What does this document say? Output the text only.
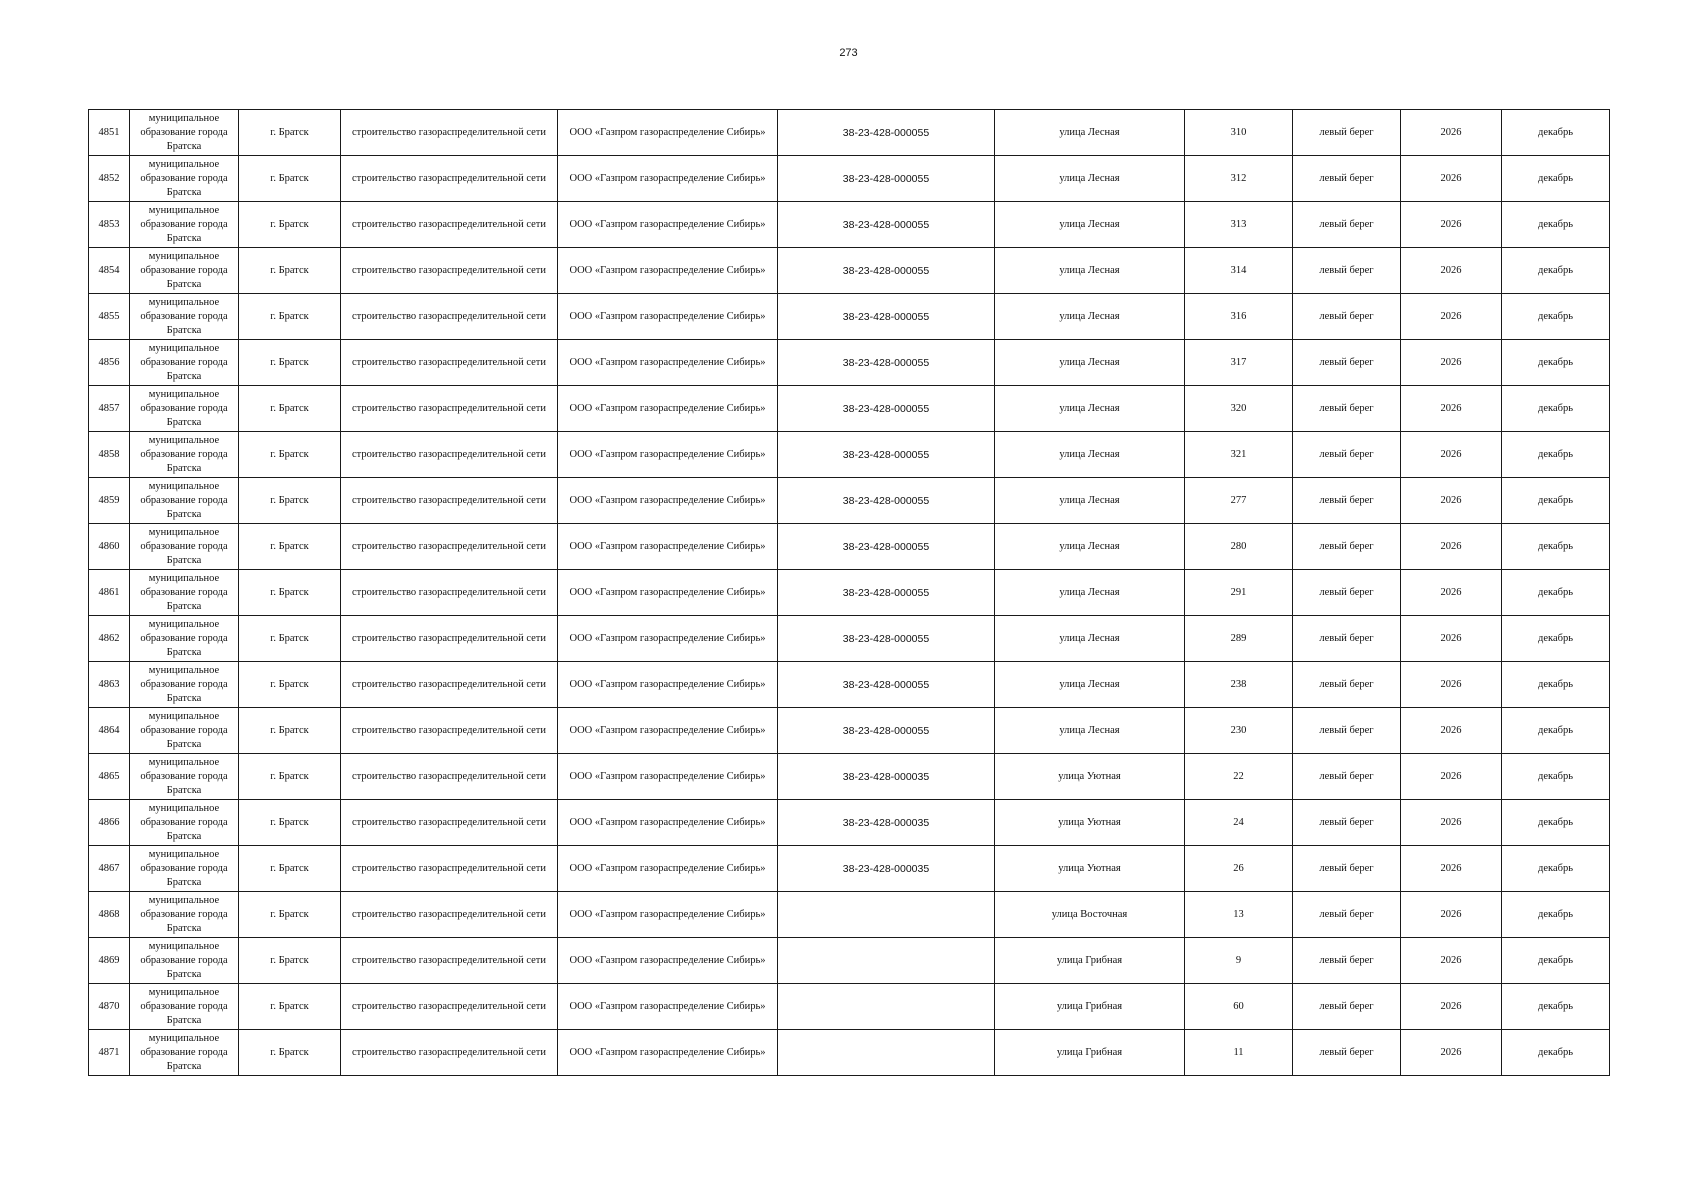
273
4851	муниципальное образование города Братска	г. Братск	строительство газораспределительной сети	ООО «Газпром газораспределение Сибирь»	38-23-428-000055	улица Лесная	310	левый берег	2026	декабрь
4852	муниципальное образование города Братска	г. Братск	строительство газораспределительной сети	ООО «Газпром газораспределение Сибирь»	38-23-428-000055	улица Лесная	312	левый берег	2026	декабрь
4853	муниципальное образование города Братска	г. Братск	строительство газораспределительной сети	ООО «Газпром газораспределение Сибирь»	38-23-428-000055	улица Лесная	313	левый берег	2026	декабрь
4854	муниципальное образование города Братска	г. Братск	строительство газораспределительной сети	ООО «Газпром газораспределение Сибирь»	38-23-428-000055	улица Лесная	314	левый берег	2026	декабрь
4855	муниципальное образование города Братска	г. Братск	строительство газораспределительной сети	ООО «Газпром газораспределение Сибирь»	38-23-428-000055	улица Лесная	316	левый берег	2026	декабрь
4856	муниципальное образование города Братска	г. Братск	строительство газораспределительной сети	ООО «Газпром газораспределение Сибирь»	38-23-428-000055	улица Лесная	317	левый берег	2026	декабрь
4857	муниципальное образование города Братска	г. Братск	строительство газораспределительной сети	ООО «Газпром газораспределение Сибирь»	38-23-428-000055	улица Лесная	320	левый берег	2026	декабрь
4858	муниципальное образование города Братска	г. Братск	строительство газораспределительной сети	ООО «Газпром газораспределение Сибирь»	38-23-428-000055	улица Лесная	321	левый берег	2026	декабрь
4859	муниципальное образование города Братска	г. Братск	строительство газораспределительной сети	ООО «Газпром газораспределение Сибирь»	38-23-428-000055	улица Лесная	277	левый берег	2026	декабрь
4860	муниципальное образование города Братска	г. Братск	строительство газораспределительной сети	ООО «Газпром газораспределение Сибирь»	38-23-428-000055	улица Лесная	280	левый берег	2026	декабрь
4861	муниципальное образование города Братска	г. Братск	строительство газораспределительной сети	ООО «Газпром газораспределение Сибирь»	38-23-428-000055	улица Лесная	291	левый берег	2026	декабрь
4862	муниципальное образование города Братска	г. Братск	строительство газораспределительной сети	ООО «Газпром газораспределение Сибирь»	38-23-428-000055	улица Лесная	289	левый берег	2026	декабрь
4863	муниципальное образование города Братска	г. Братск	строительство газораспределительной сети	ООО «Газпром газораспределение Сибирь»	38-23-428-000055	улица Лесная	238	левый берег	2026	декабрь
4864	муниципальное образование города Братска	г. Братск	строительство газораспределительной сети	ООО «Газпром газораспределение Сибирь»	38-23-428-000055	улица Лесная	230	левый берег	2026	декабрь
4865	муниципальное образование города Братска	г. Братск	строительство газораспределительной сети	ООО «Газпром газораспределение Сибирь»	38-23-428-000035	улица Уютная	22	левый берег	2026	декабрь
4866	муниципальное образование города Братска	г. Братск	строительство газораспределительной сети	ООО «Газпром газораспределение Сибирь»	38-23-428-000035	улица Уютная	24	левый берег	2026	декабрь
4867	муниципальное образование города Братска	г. Братск	строительство газораспределительной сети	ООО «Газпром газораспределение Сибирь»	38-23-428-000035	улица Уютная	26	левый берег	2026	декабрь
4868	муниципальное образование города Братска	г. Братск	строительство газораспределительной сети	ООО «Газпром газораспределение Сибирь»		улица Восточная	13	левый берег	2026	декабрь
4869	муниципальное образование города Братска	г. Братск	строительство газораспределительной сети	ООО «Газпром газораспределение Сибирь»		улица Грибная	9	левый берег	2026	декабрь
4870	муниципальное образование города Братска	г. Братск	строительство газораспределительной сети	ООО «Газпром газораспределение Сибирь»		улица Грибная	60	левый берег	2026	декабрь
4871	муниципальное образование города Братска	г. Братск	строительство газораспределительной сети	ООО «Газпром газораспределение Сибирь»		улица Грибная	11	левый берег	2026	декабрь
